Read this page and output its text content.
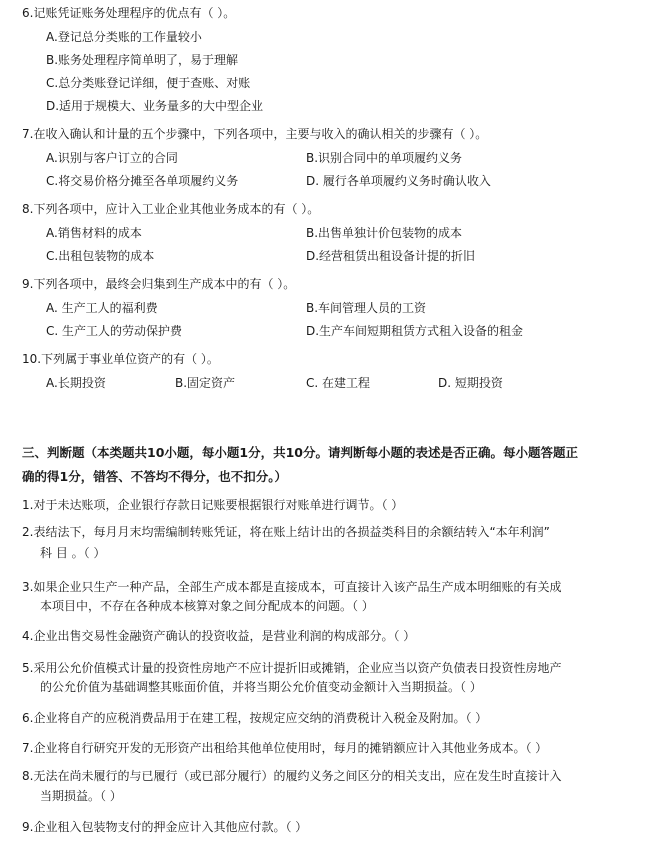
6.记账凭证账务处理程序的优点有（ ）。
A.登记总分类账的工作量较小
B.账务处理程序简单明了，易于理解
C.总分类账登记详细，便于查账、对账
D.适用于规模大、业务量多的大中型企业
7.在收入确认和计量的五个步骤中，下列各项中，主要与收入的确认相关的步骤有（ ）。
A.识别与客户订立的合同	B.识别合同中的单项履约义务
C.将交易价格分摊至各单项履约义务	D. 履行各单项履约义务时确认收入
8.下列各项中，应计入工业企业其他业务成本的有（ ）。
A.销售材料的成本	B.出售单独计价包装物的成本
C.出租包装物的成本	D.经营租赁出租设备计提的折旧
9.下列各项中，最终会归集到生产成本中的有（ ）。
A. 生产工人的福利费	B.车间管理人员的工资
C. 生产工人的劳动保护费	D.生产车间短期租赁方式租入设备的租金
10.下列属于事业单位资产的有（ ）。
A.长期投资	B.固定资产	C. 在建工程	D. 短期投资
三、判断题（本类题共10小题，每小题1分，共10分。请判断每小题的表述是否正确。每小题答题正
确的得1分，错答、不答均不得分，也不扣分。）
1.对于未达账项，企业银行存款日记账要根据银行对账单进行调节。（ ）
2.表结法下，每月月末均需编制转账凭证，将在账上结计出的各损益类科目的余额结转入“本年利润”
科 目 。（ ）
3.如果企业只生产一种产品，全部生产成本都是直接成本，可直接计入该产品生产成本明细账的有关成
本项目中，不存在各种成本核算对象之间分配成本的问题。（ ）
4.企业出售交易性金融资产确认的投资收益，是营业利润的构成部分。（ ）
5.采用公允价值模式计量的投资性房地产不应计提折旧或摊销，企业应当以资产负债表日投资性房地产
的公允价值为基础调整其账面价值，并将当期公允价值变动金额计入当期损益。（ ）
6.企业将自产的应税消费品用于在建工程，按规定应交纳的消费税计入税金及附加。（ ）
7.企业将自行研究开发的无形资产出租给其他单位使用时，每月的摊销额应计入其他业务成本。（ ）
8.无法在尚未履行的与已履行（或已部分履行）的履约义务之间区分的相关支出，应在发生时直接计入
当期损益。（ ）
9.企业租入包装物支付的押金应计入其他应付款。（ ）
